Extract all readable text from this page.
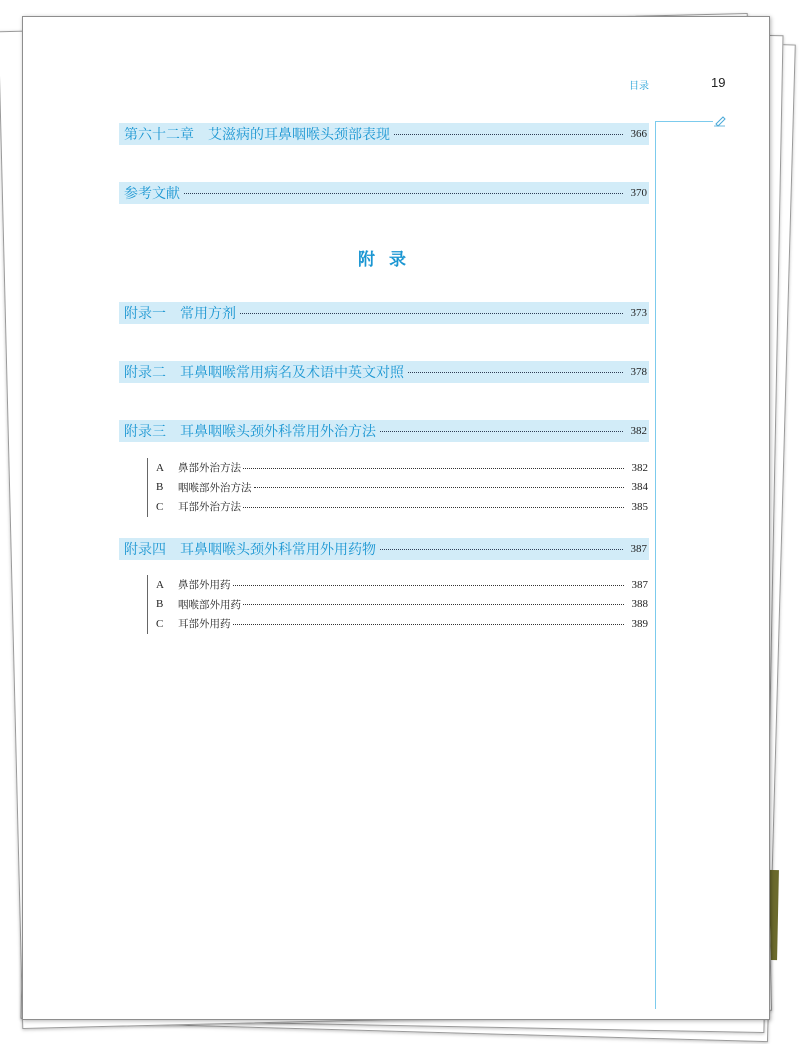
目录	19
第六十二章　艾滋病的耳鼻咽喉头颈部表现	366
参考文献	370
附 录
附录一　常用方剂	373
附录二　耳鼻咽喉常用病名及术语中英文对照	378
附录三　耳鼻咽喉头颈外科常用外治方法	382
A	鼻部外治方法	382
B	咽喉部外治方法	384
C	耳部外治方法	385
附录四　耳鼻咽喉头颈外科常用外用药物	387
A	鼻部外用药	387
B	咽喉部外用药	388
C	耳部外用药	389
